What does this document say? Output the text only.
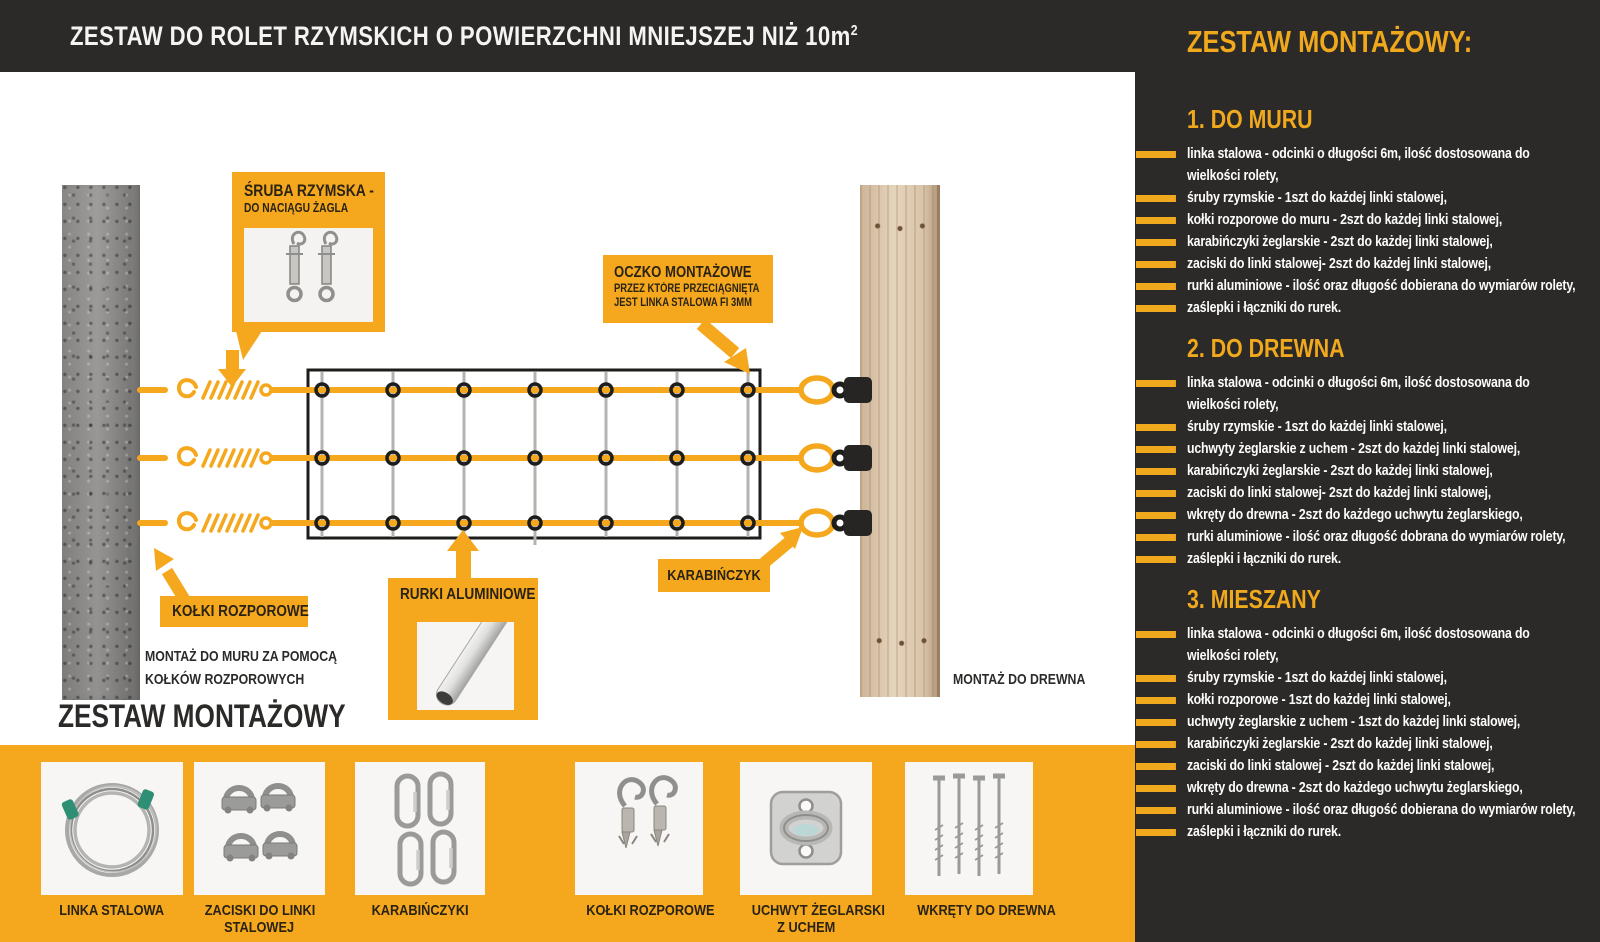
ZESTAW DO ROLET RZYMSKICH O POWIERZCHNI MNIEJSZEJ NIŻ $10m^2$
ŚRUBA RZYMSKA -
DO NACIĄGU ŻAGLA
OCZKO MONTAŻOWE
PRZEZ KTÓRE PRZECIĄGNIĘTA
JEST LINKA STALOWA FI 3MM
KOŁKI ROZPOROWE
RURKI ALUMINIOWE
KARABIŃCZYK
MONTAŻ DO MURU ZA POMOCĄ
KOŁKÓW ROZPOROWYCH	MONTAŻ DO DREWNA
ZESTAW MONTAŻOWY
LINKA STALOWA	ZACISKI DO LINKI
STALOWEJ
KARABIŃCZYKI	KOŁKI ROZPOROWE	UCHWYT ŻEGLARSKI
Z UCHEM
WKRĘTY DO DREWNA
ZESTAW MONTAŻOWY:
1. DO MURU
linka stalowa - odcinki o długości 6m, ilość dostosowana do wielkości rolety,
śruby rzymskie - 1szt do każdej linki stalowej,
kołki rozporowe do muru - 2szt do każdej linki stalowej,
karabińczyki żeglarskie - 2szt do każdej linki stalowej,
zaciski do linki stalowej- 2szt do każdej linki stalowej,
rurki aluminiowe - ilość oraz długość dobierana do wymiarów rolety,
zaślepki i łączniki do rurek.
2. DO DREWNA
linka stalowa - odcinki o długości 6m, ilość dostosowana do wielkości rolety,
śruby rzymskie - 1szt do każdej linki stalowej,
uchwyty żeglarskie z uchem - 2szt do każdej linki stalowej,
karabińczyki żeglarskie - 2szt do każdej linki stalowej,
zaciski do linki stalowej- 2szt do każdej linki stalowej,
wkręty do drewna - 2szt do każdego uchwytu żeglarskiego,
rurki aluminiowe - ilość oraz długość dobrana do wymiarów rolety,
zaślepki i łączniki do rurek.
3. MIESZANY
linka stalowa - odcinki o długości 6m, ilość dostosowana do wielkości rolety,
śruby rzymskie - 1szt do każdej linki stalowej,
kołki rozporowe - 1szt do każdej linki stalowej,
uchwyty żeglarskie z uchem - 1szt do każdej linki stalowej,
karabińczyki żeglarskie - 2szt do każdej linki stalowej,
zaciski do linki stalowej - 2szt do każdej linki stalowej,
wkręty do drewna - 2szt do każdego uchwytu żeglarskiego,
rurki aluminiowe - ilość oraz długość dobierana do wymiarów rolety,
zaślepki i łączniki do rurek.
